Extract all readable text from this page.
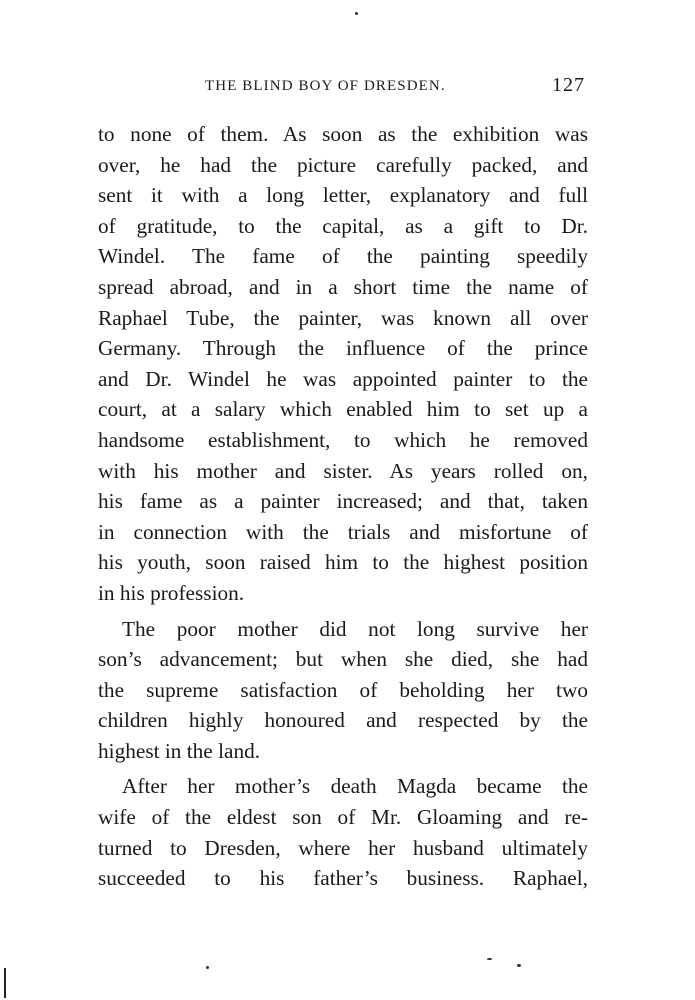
THE BLIND BOY OF DRESDEN.	127
to none of them. As soon as the exhibition was
over, he had the picture carefully packed, and
sent it with a long letter, explanatory and full
of gratitude, to the capital, as a gift to Dr.
Windel. The fame of the painting speedily
spread abroad, and in a short time the name of
Raphael Tube, the painter, was known all over
Germany. Through the influence of the prince
and Dr. Windel he was appointed painter to the
court, at a salary which enabled him to set up a
handsome establishment, to which he removed
with his mother and sister. As years rolled on,
his fame as a painter increased; and that, taken
in connection with the trials and misfortune of
his youth, soon raised him to the highest position
in his profession.
The poor mother did not long survive her
son’s advancement; but when she died, she had
the supreme satisfaction of beholding her two
children highly honoured and respected by the
highest in the land.
After her mother’s death Magda became the
wife of the eldest son of Mr. Gloaming and re-
turned to Dresden, where her husband ultimately
succeeded to his father’s business. Raphael,
